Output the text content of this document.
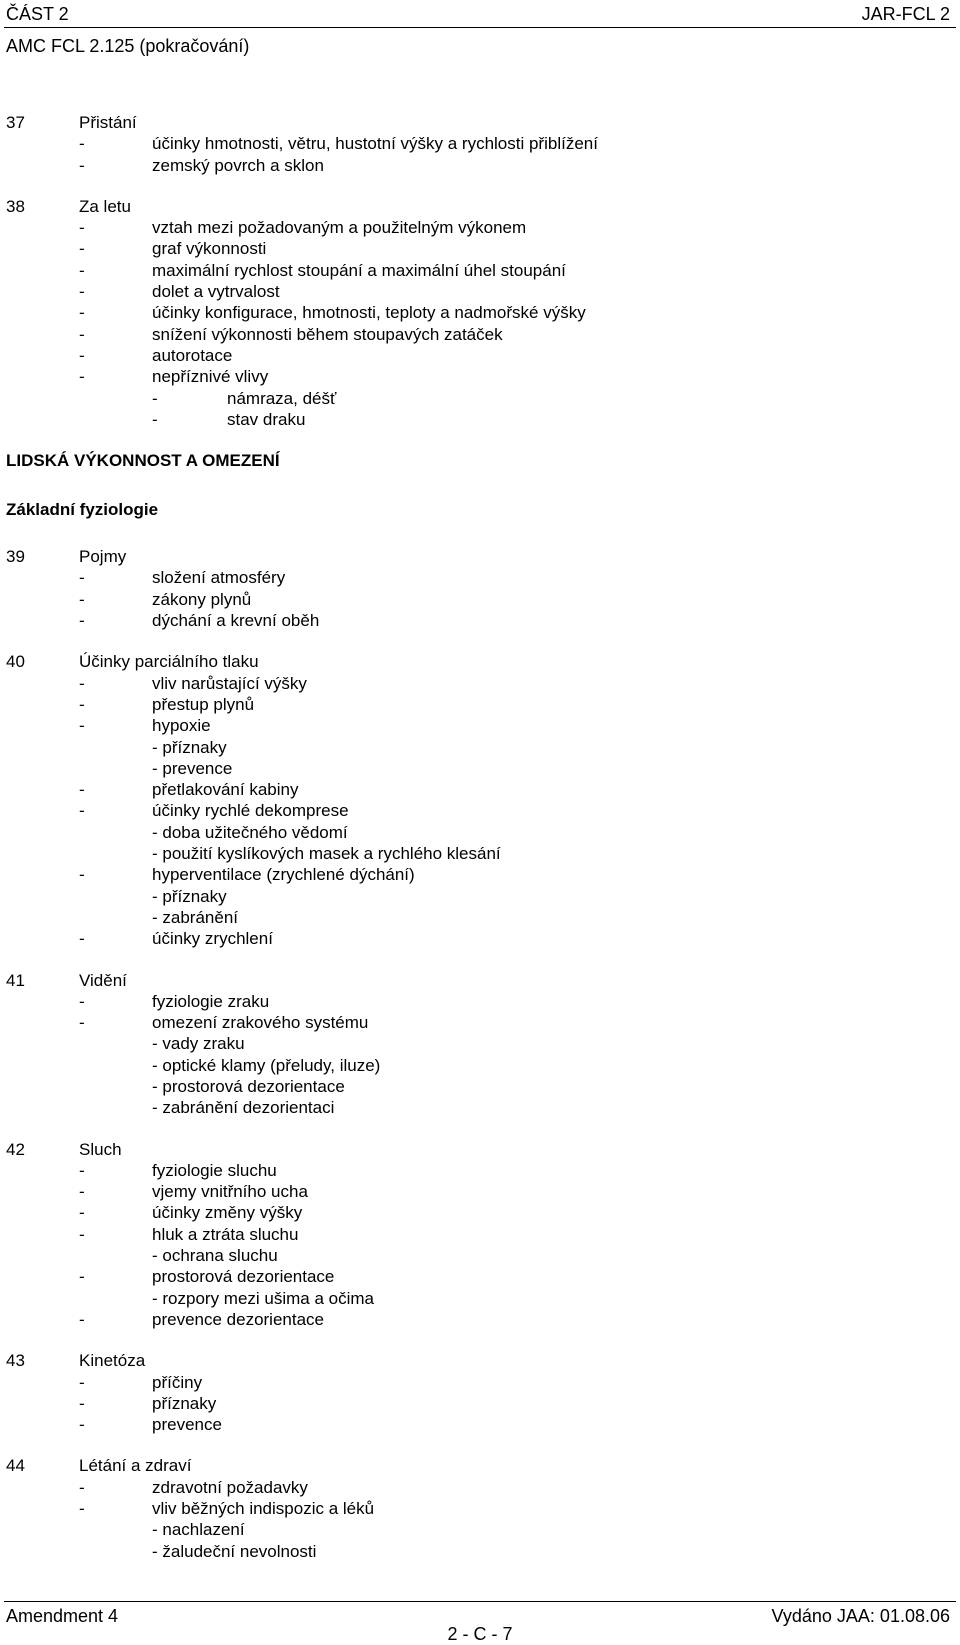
ČÁST 2	JAR-FCL 2
AMC FCL 2.125 (pokračování)
37	Přistání
-	účinky hmotnosti, větru, hustotní výšky a rychlosti přiblížení
-	zemský povrch a sklon
38	Za letu
-	vztah mezi požadovaným a použitelným výkonem
-	graf výkonnosti
-	maximální rychlost stoupání a maximální úhel stoupání
-	dolet a vytrvalost
-	účinky konfigurace, hmotnosti, teploty a nadmořské výšky
-	snížení výkonnosti během stoupavých zatáček
-	autorotace
-	nepříznivé vlivy
-	námraza, déšť
-	stav draku
LIDSKÁ VÝKONNOST A OMEZENÍ
Základní fyziologie
39	Pojmy
-	složení atmosféry
-	zákony plynů
-	dýchání a krevní oběh
40	Účinky parciálního tlaku
-	vliv narůstající výšky
-	přestup plynů
-	hypoxie
- příznaky
- prevence
-	přetlakování kabiny
-	účinky rychlé dekomprese
- doba užitečného vědomí
- použití kyslíkových masek a rychlého klesání
-	hyperventilace (zrychlené dýchání)
- příznaky
- zabránění
-	účinky zrychlení
41	Vidění
-	fyziologie zraku
-	omezení zrakového systému
- vady zraku
- optické klamy (přeludy, iluze)
- prostorová dezorientace
- zabránění dezorientaci
42	Sluch
-	fyziologie sluchu
-	vjemy vnitřního ucha
-	účinky změny výšky
-	hluk a ztráta sluchu
- ochrana sluchu
-	prostorová dezorientace
- rozpory mezi ušima a očima
-	prevence dezorientace
43	Kinetóza
-	příčiny
-	příznaky
-	prevence
44	Létání a zdraví
-	zdravotní požadavky
-	vliv běžných indispozic a léků
- nachlazení
- žaludeční nevolnosti
Amendment 4	Vydáno JAA: 01.08.06
2 - C - 7
